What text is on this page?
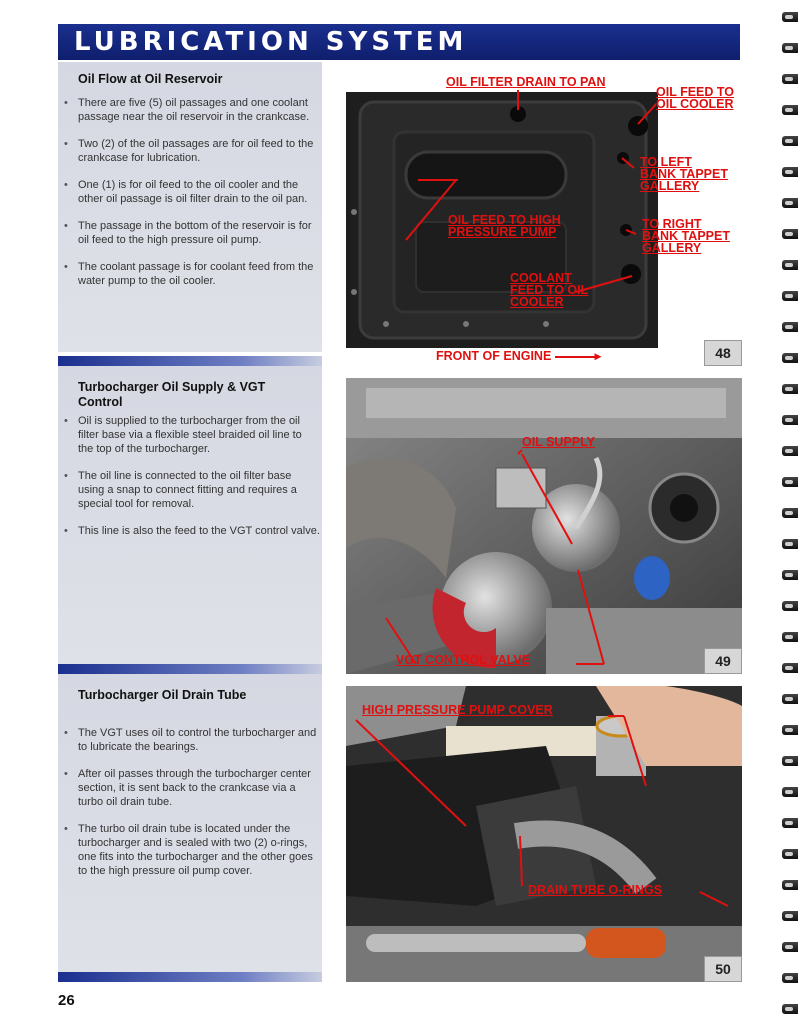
LUBRICATION SYSTEM
Oil Flow at Oil Reservoir
• There are five (5) oil passages and one coolant passage near the oil reservoir in the crankcase.
• Two (2) of the oil passages are for oil feed to the crankcase for lubrication.
• One (1) is for oil feed to the oil cooler and the other oil passage is oil filter drain to the oil pan.
• The passage in the bottom of the reservoir is for oil feed to the high pressure oil pump.
• The coolant passage is for coolant feed from the water pump to the oil cooler.
Turbocharger Oil Supply & VGT Control
• Oil is supplied to the turbocharger from the oil filter base via a flexible steel braided oil line to the top of the turbocharger.
• The oil line is connected to the oil filter base using a snap to connect fitting and requires a special tool for removal.
• This line is also the feed to the VGT control valve.
Turbocharger Oil Drain Tube
• The VGT uses oil to control the turbocharger and to lubricate the bearings.
• After oil passes through the turbocharger center section, it is sent back to the crankcase via a turbo oil drain tube.
• The turbo oil drain tube is located under the turbocharger and is sealed with two (2) o-rings, one fits into the turbocharger and the other goes to the high pressure oil pump cover.
OIL FILTER DRAIN TO PAN
OIL FEED TO
OIL COOLER
TO LEFT
BANK TAPPET
GALLERY
OIL FEED TO HIGH
PRESSURE PUMP
TO RIGHT
BANK TAPPET
GALLERY
COOLANT
FEED TO OIL
COOLER
FRONT OF ENGINE	▸	48
OIL SUPPLY
VGT CONTROL VALVE	49
HIGH PRESSURE PUMP COVER
DRAIN TUBE O-RINGS
50
26
